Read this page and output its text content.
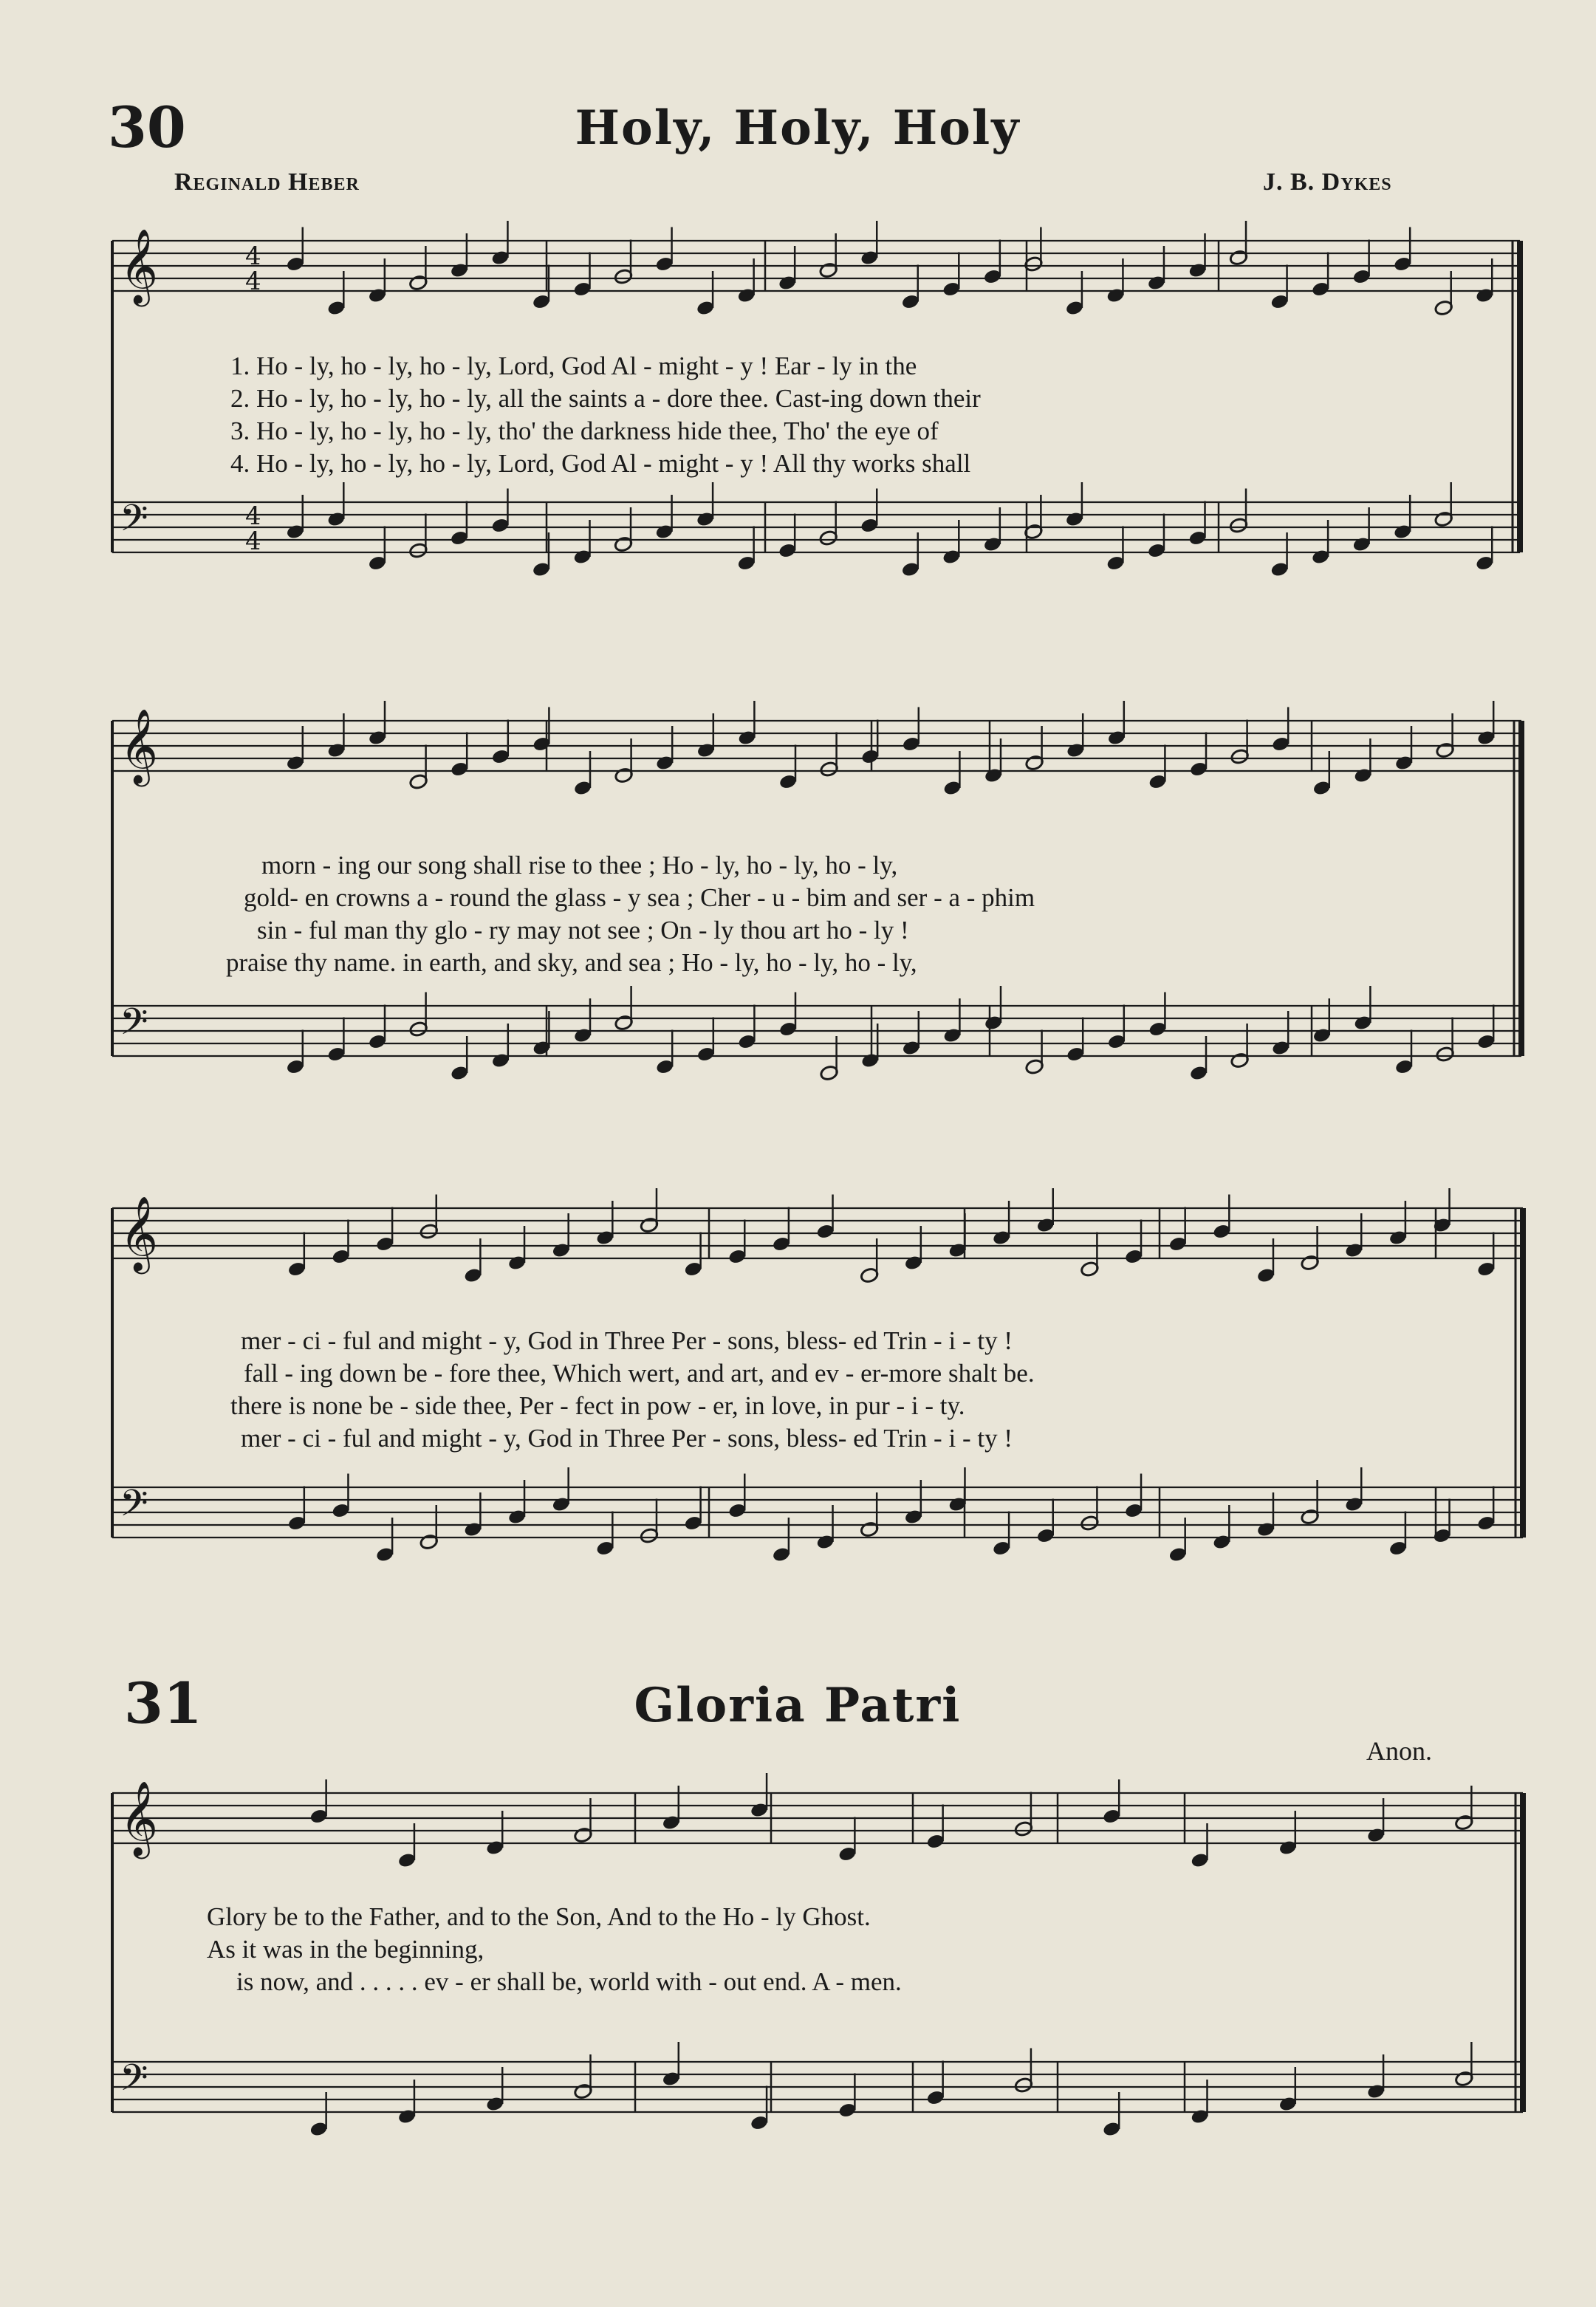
30	Holy, Holy, Holy
Reginald Heber	J. B. Dykes
𝄞
𝄢
4
4
4
4
𝄞
𝄢
𝄞
𝄢
𝄞
𝄢
1. Ho - ly, ho - ly, ho - ly, Lord, God Al - might - y ! Ear - ly in the
2. Ho - ly, ho - ly, ho - ly, all the saints a - dore thee. Cast-ing down their
3. Ho - ly, ho - ly, ho - ly, tho' the darkness hide thee, Tho' the eye of
4. Ho - ly, ho - ly, ho - ly, Lord, God Al - might - y ! All thy works shall
morn - ing our song shall rise to thee ; Ho - ly, ho - ly, ho - ly,
gold- en crowns a - round the glass - y sea ; Cher - u - bim and ser - a - phim
sin - ful man thy glo - ry may not see ; On - ly thou art ho - ly !
praise thy name. in earth, and sky, and sea ; Ho - ly, ho - ly, ho - ly,
mer - ci - ful and might - y, God in Three Per - sons, bless- ed Trin - i - ty !
fall - ing down be - fore thee, Which wert, and art, and ev - er-more shalt be.
there is none be - side thee, Per - fect in pow - er, in love, in pur - i - ty.
mer - ci - ful and might - y, God in Three Per - sons, bless- ed Trin - i - ty !
31	Gloria Patri
Anon.
Glory be to the Father, and to the Son, And to the Ho - ly Ghost.
As it was in the beginning,
is now, and . . . . . ev - er shall be, world with - out end. A - men.
